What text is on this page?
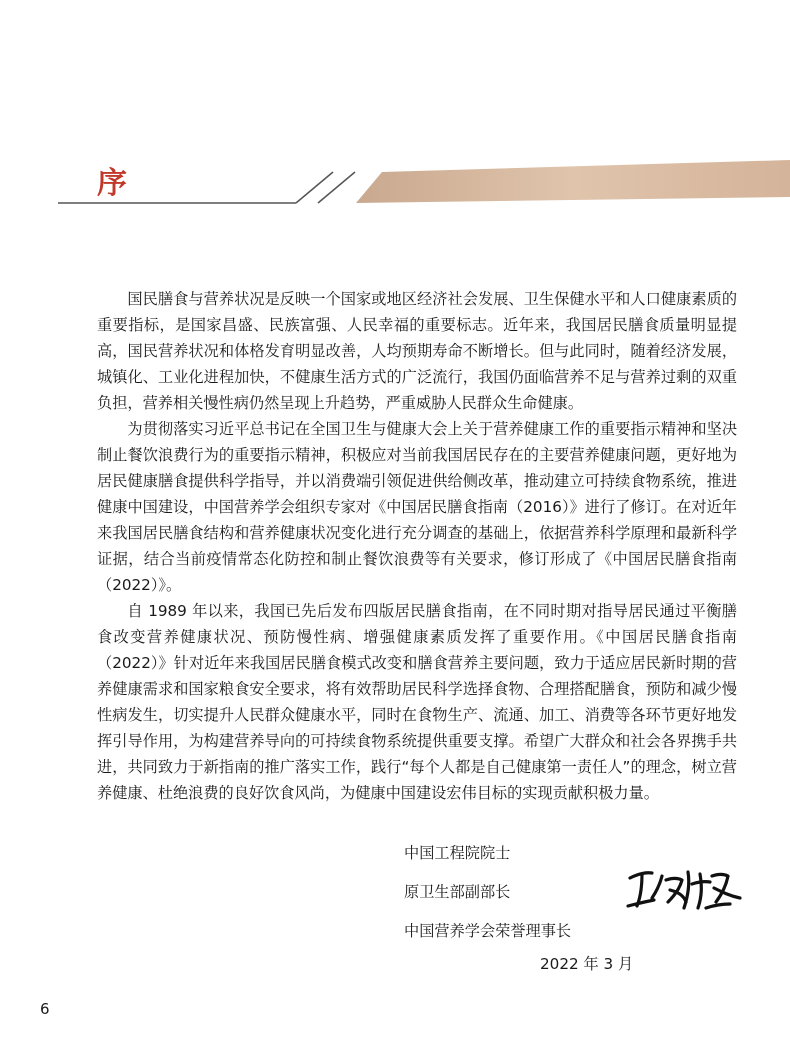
序

国民膳食与营养状况是反映一个国家或地区经济社会发展、卫生保健水平和人口健康素质的重要指标，是国家昌盛、民族富强、人民幸福的重要标志。近年来，我国居民膳食质量明显提高，国民营养状况和体格发育明显改善，人均预期寿命不断增长。但与此同时，随着经济发展，城镇化、工业化进程加快，不健康生活方式的广泛流行，我国仍面临营养不足与营养过剩的双重负担，营养相关慢性病仍然呈现上升趋势，严重威胁人民群众生命健康。

为贯彻落实习近平总书记在全国卫生与健康大会上关于营养健康工作的重要指示精神和坚决制止餐饮浪费行为的重要指示精神，积极应对当前我国居民存在的主要营养健康问题，更好地为居民健康膳食提供科学指导，并以消费端引领促进供给侧改革，推动建立可持续食物系统，推进健康中国建设，中国营养学会组织专家对《中国居民膳食指南（2016）》进行了修订。在对近年来我国居民膳食结构和营养健康状况变化进行充分调查的基础上，依据营养科学原理和最新科学证据，结合当前疫情常态化防控和制止餐饮浪费等有关要求，修订形成了《中国居民膳食指南（2022）》。

自 1989 年以来，我国已先后发布四版居民膳食指南，在不同时期对指导居民通过平衡膳食改变营养健康状况、预防慢性病、增强健康素质发挥了重要作用。《中国居民膳食指南（2022）》针对近年来我国居民膳食模式改变和膳食营养主要问题，致力于适应居民新时期的营养健康需求和国家粮食安全要求，将有效帮助居民科学选择食物、合理搭配膳食，预防和减少慢性病发生，切实提升人民群众健康水平，同时在食物生产、流通、加工、消费等各环节更好地发挥引导作用，为构建营养导向的可持续食物系统提供重要支撑。希望广大群众和社会各界携手共进，共同致力于新指南的推广落实工作，践行“每个人都是自己健康第一责任人”的理念，树立营养健康、杜绝浪费的良好饮食风尚，为健康中国建设宏伟目标的实现贡献积极力量。

中国工程院院士
原卫生部副部长
中国营养学会荣誉理事长
2022 年 3 月
6
